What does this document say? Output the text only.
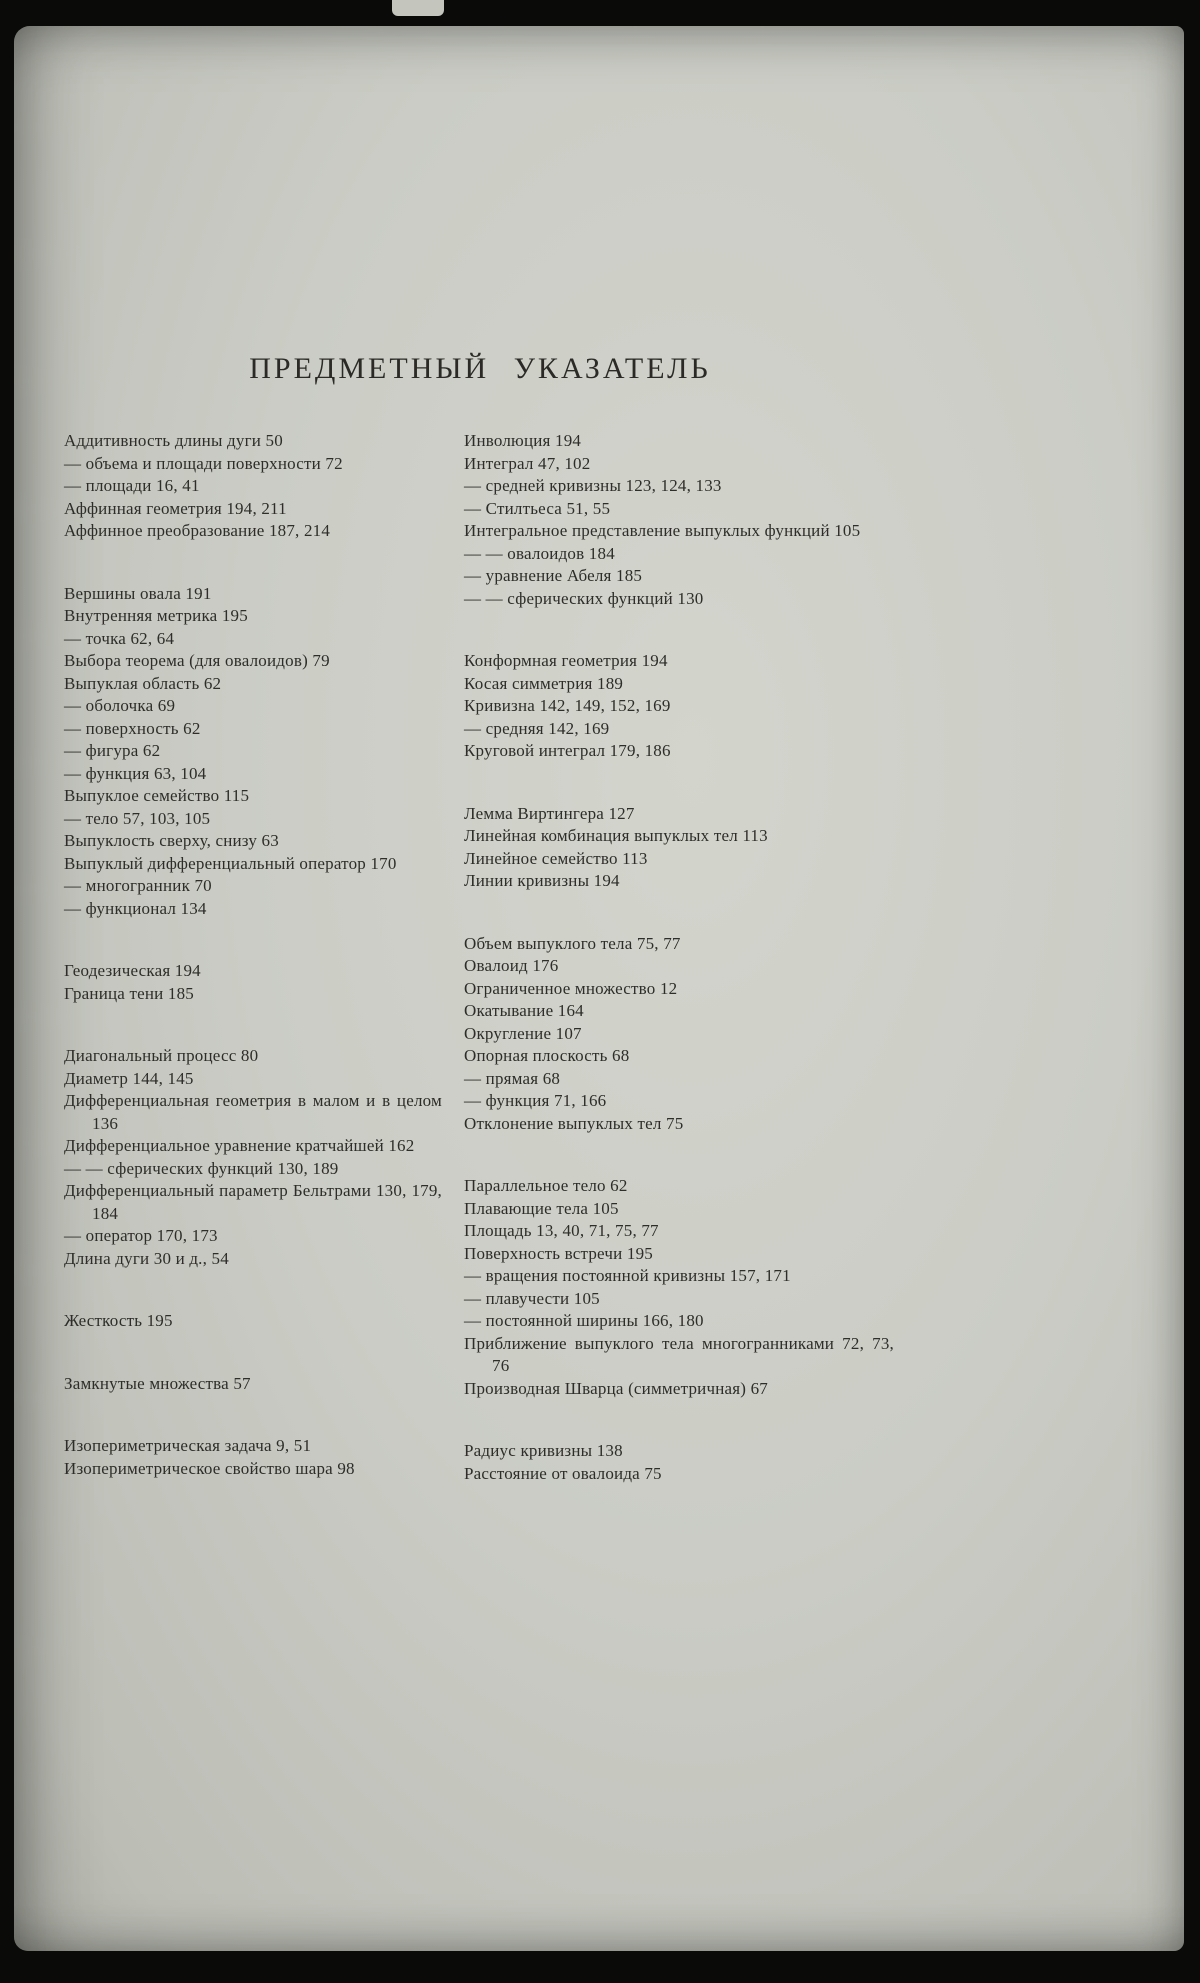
ПРЕДМЕТНЫЙ УКАЗАТЕЛЬ

Аддитивность длины дуги 50

— объема и площади поверхности 72

— площади 16, 41

Аффинная геометрия 194, 211

Аффинное преобразование 187, 214

Вершины овала 191

Внутренняя метрика 195

— точка 62, 64

Выбора теорема (для овалоидов) 79

Выпуклая область 62

— оболочка 69

— поверхность 62

— фигура 62

— функция 63, 104

Выпуклое семейство 115

— тело 57, 103, 105

Выпуклость сверху, снизу 63

Выпуклый дифференциальный оператор 170

— многогранник 70

— функционал 134

Геодезическая 194

Граница тени 185

Диагональный процесс 80

Диаметр 144, 145

Дифференциальная геометрия в малом и в целом 136

Дифференциальное уравнение кратчайшей 162

— — сферических функций 130, 189

Дифференциальный параметр Бельтрами 130, 179, 184

— оператор 170, 173

Длина дуги 30 и д., 54

Жесткость 195

Замкнутые множества 57

Изопериметрическая задача 9, 51

Изопериметрическое свойство шара 98

Инволюция 194

Интеграл 47, 102

— средней кривизны 123, 124, 133

— Стилтьеса 51, 55

Интегральное представление выпуклых функций 105

— — овалоидов 184

— уравнение Абеля 185

— — сферических функций 130

Конформная геометрия 194

Косая симметрия 189

Кривизна 142, 149, 152, 169

— средняя 142, 169

Круговой интеграл 179, 186

Лемма Виртингера 127

Линейная комбинация выпуклых тел 113

Линейное семейство 113

Линии кривизны 194

Объем выпуклого тела 75, 77

Овалоид 176

Ограниченное множество 12

Окатывание 164

Округление 107

Опорная плоскость 68

— прямая 68

— функция 71, 166

Отклонение выпуклых тел 75

Параллельное тело 62

Плавающие тела 105

Площадь 13, 40, 71, 75, 77

Поверхность встречи 195

— вращения постоянной кривизны 157, 171

— плавучести 105

— постоянной ширины 166, 180

Приближение выпуклого тела многогранниками 72, 73, 76

Производная Шварца (симметричная) 67

Радиус кривизны 138

Расстояние от овалоида 75
